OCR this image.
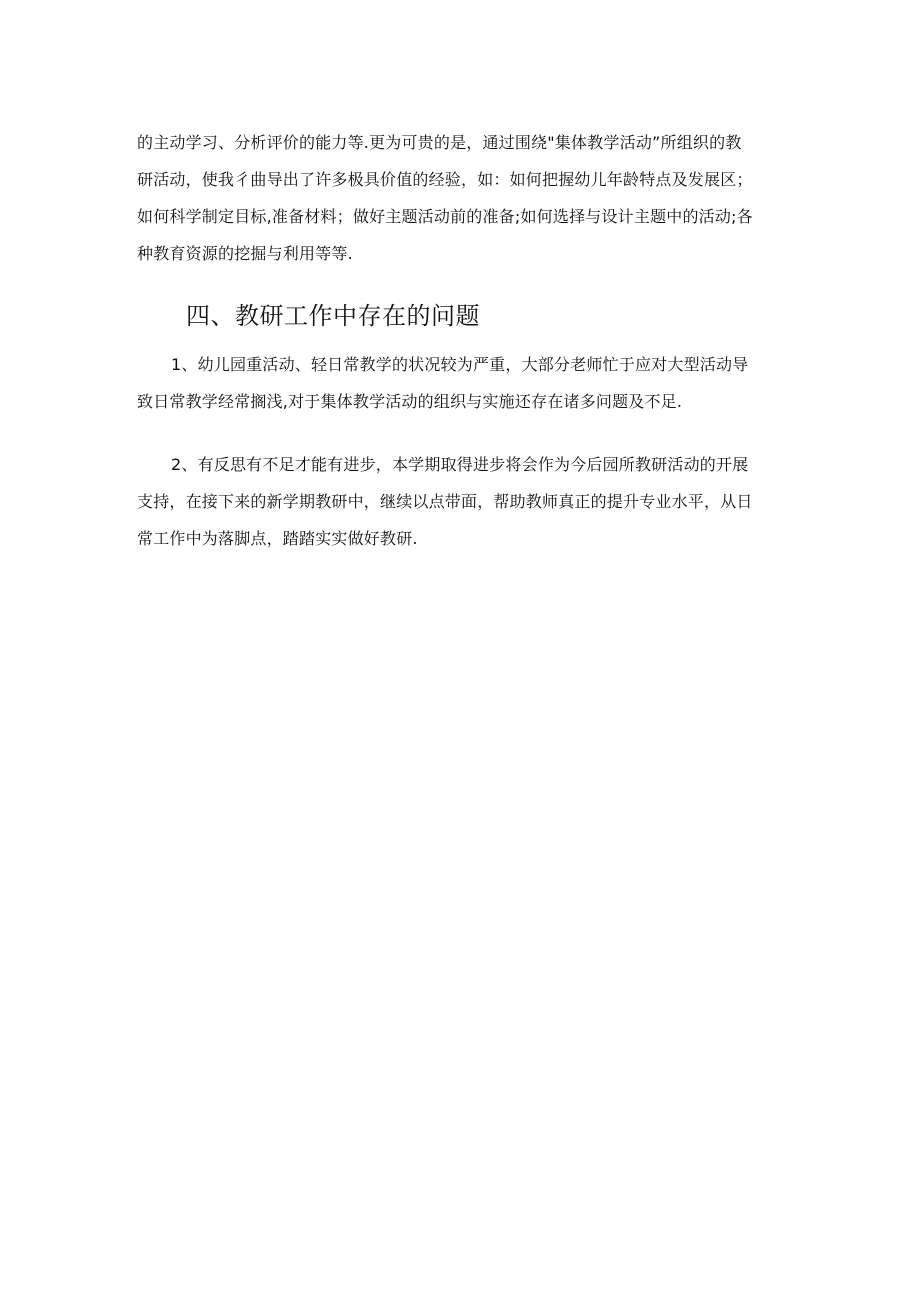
的主动学习、分析评价的能力等.更为可贵的是，通过围绕"集体教学活动”所组织的教
研活动，使我彳曲导出了许多极具价值的经验，如：如何把握幼儿年龄特点及发展区；
如何科学制定目标,准备材料；做好主题活动前的准备;如何选择与设计主题中的活动;各
种教育资源的挖掘与利用等等.
四、教研工作中存在的问题
1、幼儿园重活动、轻日常教学的状况较为严重，大部分老师忙于应对大型活动导
致日常教学经常搁浅,对于集体教学活动的组织与实施还存在诸多问题及不足.
2、有反思有不足才能有进步，本学期取得进步将会作为今后园所教研活动的开展
支持，在接下来的新学期教研中，继续以点带面，帮助教师真正的提升专业水平，从日
常工作中为落脚点，踏踏实实做好教研.
